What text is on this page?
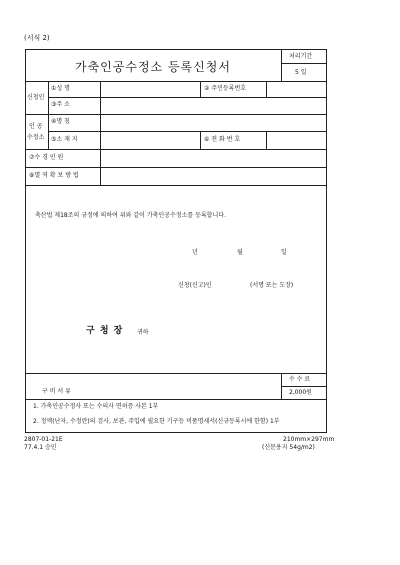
(서식 2)
가축인공수정소 등록신청서
처리기간
5 일
신청인
①성 명	② 주민등록번호
③주 소
인 공
수정소
④명 칭
⑤소 재 지	⑥ 전 화 번 호
⑦수 경 인 원
⑧멸 역 확 보 방 법
축산법 제18조의 규정에 의하여 위와 같이 가축인공수정소를 등록합니다.
년	월	일
신청(신고)인	(서명 또는 도장)
구 청 장 귀하
구 비 서 류
수 수 료
2,000원
1. 가축인공수정사 또는 수의사 면허증 사본 1부
2. 정액(난자, 수정란)의 검사, 보관, 주입에 필요한 기구등 비품명세서(신규등록시에 한함) 1부
2807-01-21E
77.4.1 승인
210mm×297mm
(신문용지 54g/m2)
